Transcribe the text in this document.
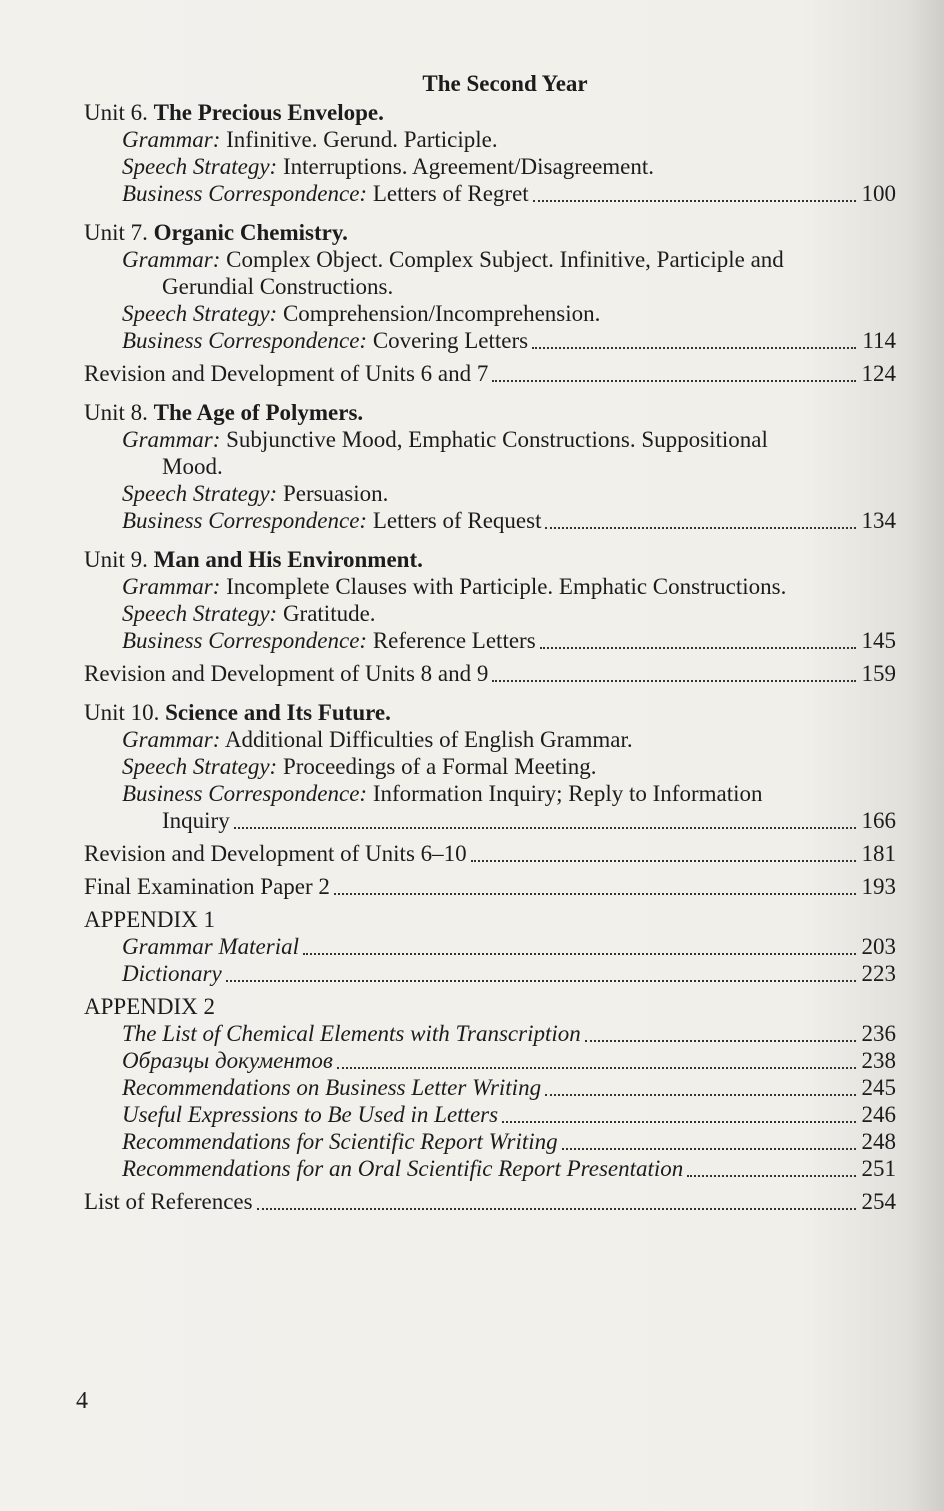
The Second Year
Unit 6. The Precious Envelope.
Grammar: Infinitive. Gerund. Participle.
Speech Strategy: Interruptions. Agreement/Disagreement.
Business Correspondence: Letters of Regret	100
Unit 7. Organic Chemistry.
Grammar: Complex Object. Complex Subject. Infinitive, Participle and
Gerundial Constructions.
Speech Strategy: Comprehension/Incomprehension.
Business Correspondence: Covering Letters	114
Revision and Development of Units 6 and 7	124
Unit 8. The Age of Polymers.
Grammar: Subjunctive Mood, Emphatic Constructions. Suppositional
Mood.
Speech Strategy: Persuasion.
Business Correspondence: Letters of Request	134
Unit 9. Man and His Environment.
Grammar: Incomplete Clauses with Participle. Emphatic Constructions.
Speech Strategy: Gratitude.
Business Correspondence: Reference Letters	145
Revision and Development of Units 8 and 9	159
Unit 10. Science and Its Future.
Grammar: Additional Difficulties of English Grammar.
Speech Strategy: Proceedings of a Formal Meeting.
Business Correspondence: Information Inquiry; Reply to Information
Inquiry	166
Revision and Development of Units 6–10	181
Final Examination Paper 2	193
APPENDIX 1
Grammar Material	203
Dictionary	223
APPENDIX 2
The List of Chemical Elements with Transcription	236
Образцы документов	238
Recommendations on Business Letter Writing	245
Useful Expressions to Be Used in Letters	246
Recommendations for Scientific Report Writing	248
Recommendations for an Oral Scientific Report Presentation	251
List of References	254
4
